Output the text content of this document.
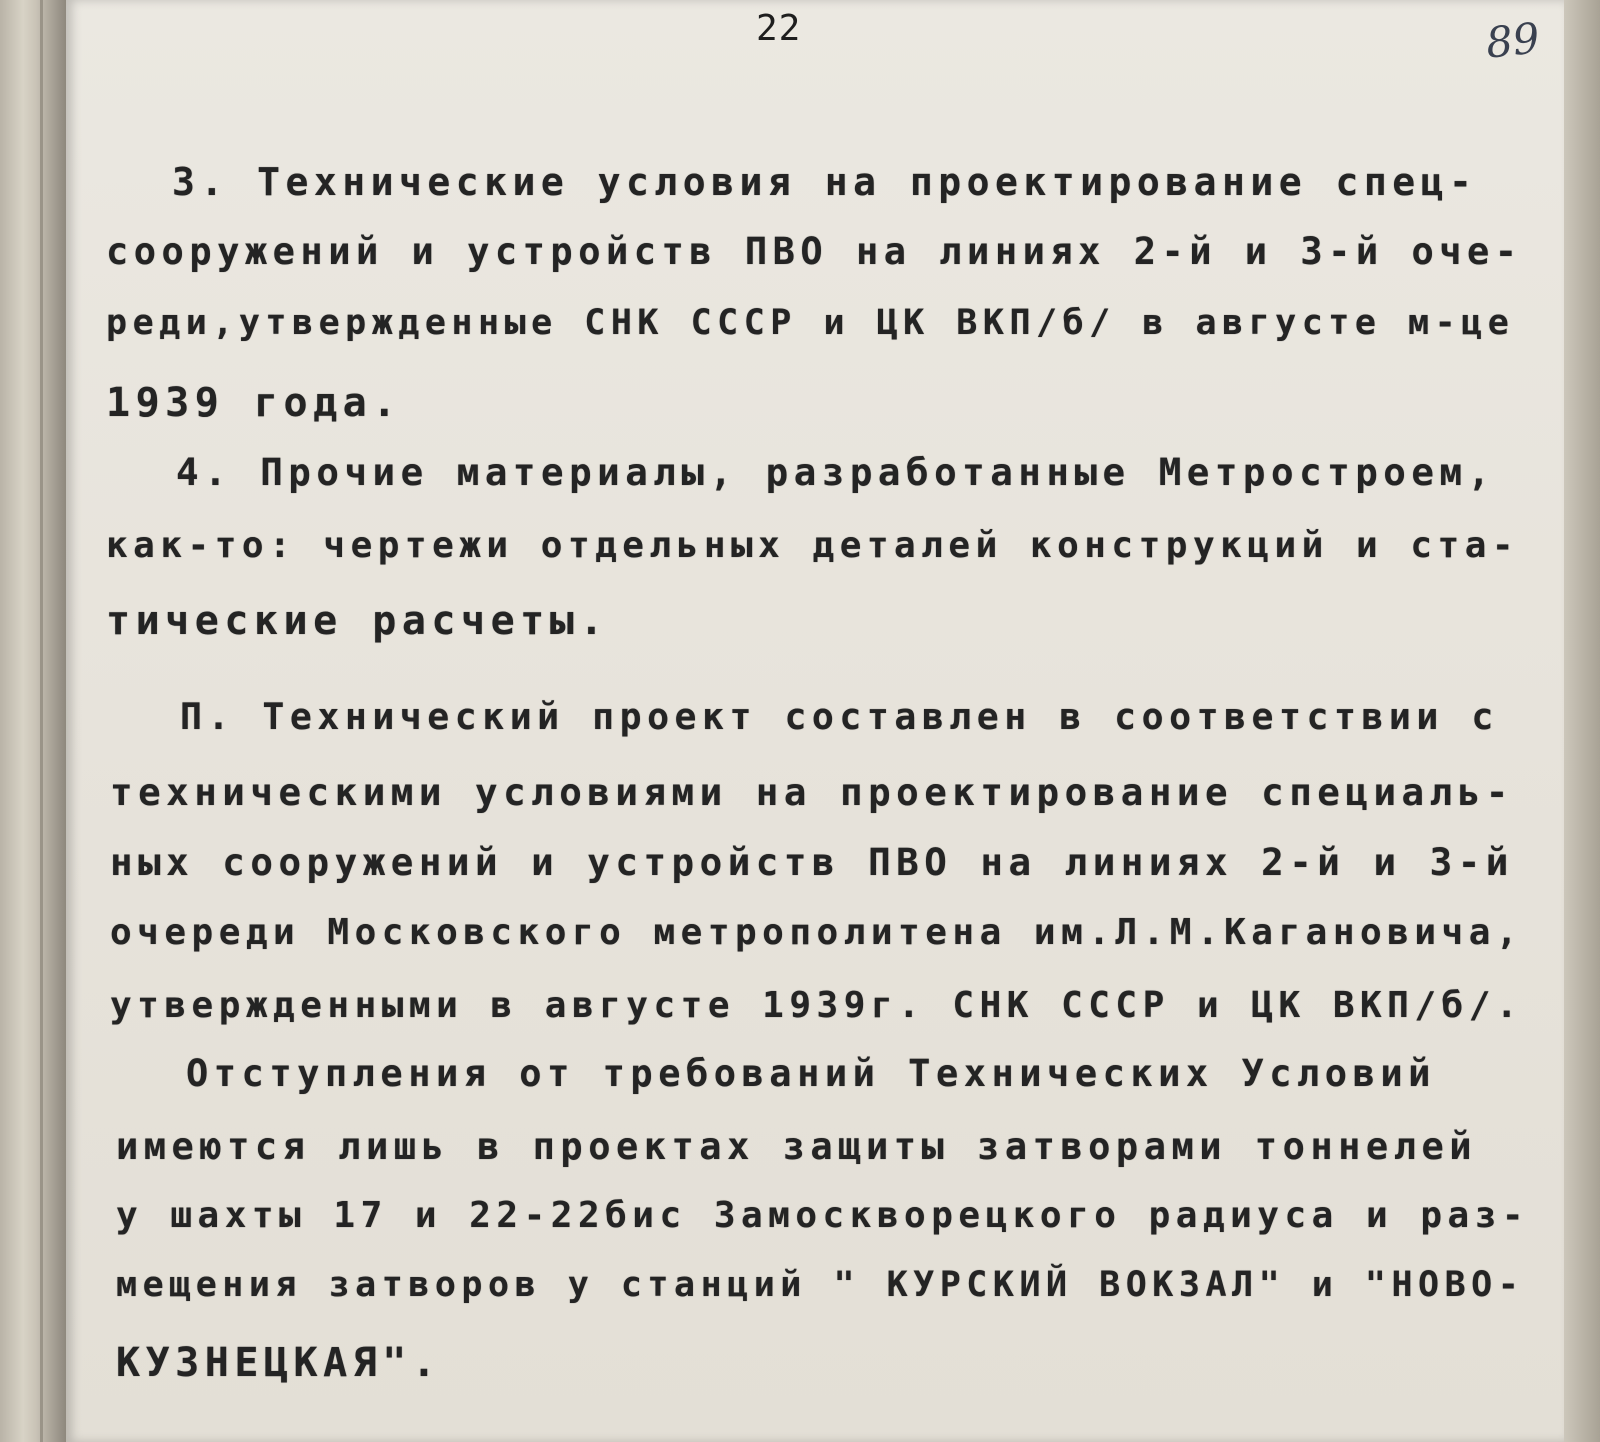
22	89
3. Технические условия на проектирование спец-
сооружений и устройств ПВО на линиях 2-й и 3-й оче-
реди,утвержденные СНК СССР и ЦК ВКП/б/ в августе м-це
1939 года.
4. Прочие материалы, разработанные Метростроем,
как-то: чертежи отдельных деталей конструкций и ста-
тические расчеты.
П. Технический проект составлен в соответствии с
техническими условиями на проектирование специаль-
ных сооружений и устройств ПВО на линиях 2-й и 3-й
очереди Московского метрополитена им.Л.М.Кагановича,
утвержденными в августе 1939г. СНК СССР и ЦК ВКП/б/.
Отступления от требований Технических Условий
имеются лишь в проектах защиты затворами тоннелей
у шахты 17 и 22-22бис Замоскворецкого радиуса и раз-
мещения затворов у станций " КУРСКИЙ ВОКЗАЛ" и "НОВО-
КУЗНЕЦКАЯ".
